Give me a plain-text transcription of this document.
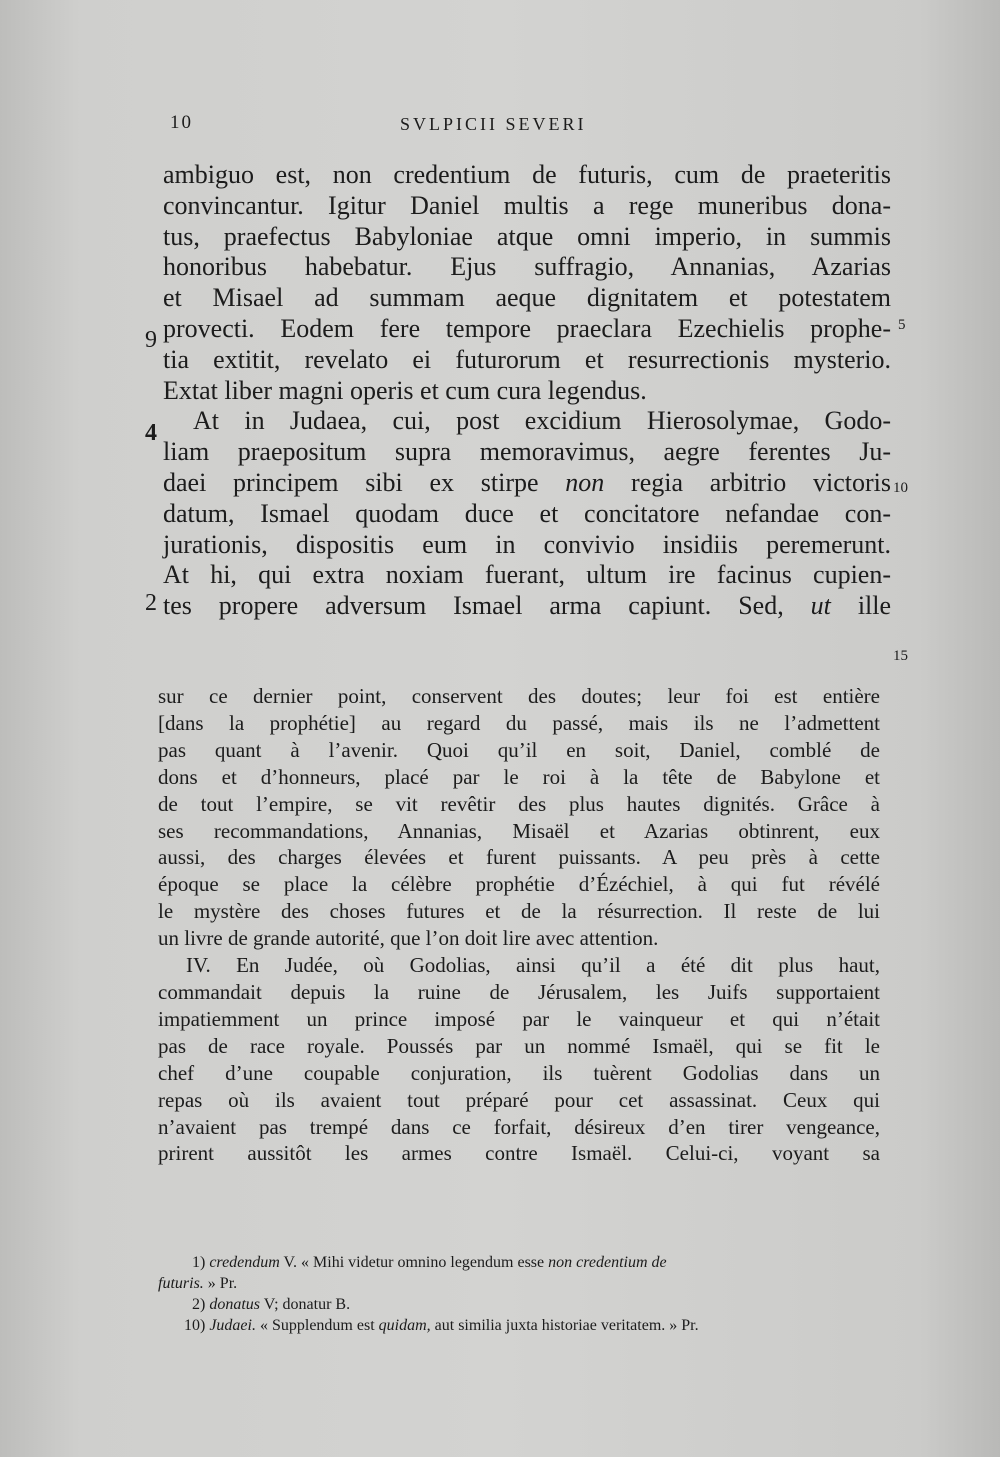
10	SVLPICII SEVERI
ambiguo est, non credentium de futuris, cum de praeteritis
convincantur. Igitur Daniel multis a rege muneribus dona-
tus, praefectus Babyloniae atque omni imperio, in summis
honoribus habebatur. Ejus suffragio, Annanias, Azarias
et Misael ad summam aeque dignitatem et potestatem
provecti. Eodem fere tempore praeclara Ezechielis prophe-
tia extitit, revelato ei futurorum et resurrectionis mysterio.
Extat liber magni operis et cum cura legendus.
At in Judaea, cui, post excidium Hierosolymae, Godo-
liam praepositum supra memoravimus, aegre ferentes Ju-
daei principem sibi ex stirpe non regia arbitrio victoris
datum, Ismael quodam duce et concitatore nefandae con-
jurationis, dispositis eum in convivio insidiis peremerunt.
At hi, qui extra noxiam fuerant, ultum ire facinus cupien-
tes propere adversum Ismael arma capiunt. Sed, ut ille
9
4
2
5
10
15
sur ce dernier point, conservent des doutes; leur foi est entière
[dans la prophétie] au regard du passé, mais ils ne l’admettent
pas quant à l’avenir. Quoi qu’il en soit, Daniel, comblé de
dons et d’honneurs, placé par le roi à la tête de Babylone et
de tout l’empire, se vit revêtir des plus hautes dignités. Grâce à
ses recommandations, Annanias, Misaël et Azarias obtinrent, eux
aussi, des charges élevées et furent puissants. A peu près à cette
époque se place la célèbre prophétie d’Ézéchiel, à qui fut révélé
le mystère des choses futures et de la résurrection. Il reste de lui
un livre de grande autorité, que l’on doit lire avec attention.
IV. En Judée, où Godolias, ainsi qu’il a été dit plus haut,
commandait depuis la ruine de Jérusalem, les Juifs supportaient
impatiemment un prince imposé par le vainqueur et qui n’était
pas de race royale. Poussés par un nommé Ismaël, qui se fit le
chef d’une coupable conjuration, ils tuèrent Godolias dans un
repas où ils avaient tout préparé pour cet assassinat. Ceux qui
n’avaient pas trempé dans ce forfait, désireux d’en tirer vengeance,
prirent aussitôt les armes contre Ismaël. Celui-ci, voyant sa
1) credendum V. « Mihi videtur omnino legendum esse non credentium de
futuris. » Pr.
2) donatus V; donatur B.
10) Judaei. « Supplendum est quidam, aut similia juxta historiae veritatem. » Pr.
